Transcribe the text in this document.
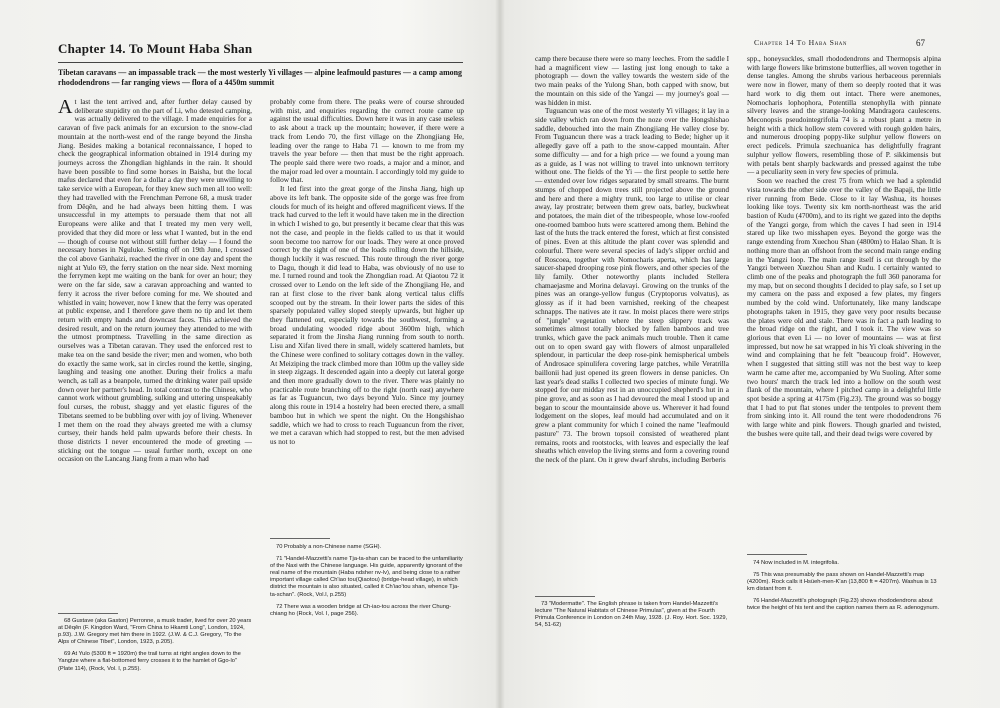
Chapter 14. To Mount Haba Shan
Tibetan caravans — an impassable track — the most westerly Yi villages — alpine leafmould pastures — a camp among rhododendrons — far ranging views — flora of a 4450m summit

At last the tent arrived and, after further delay caused by deliberate stupidity on the part of Li, who detested camping, was actually delivered to the village. I made enquiries for a caravan of five pack animals for an excursion to the snow-clad mountain at the north-west end of the range beyond the Jinsha Jiang. Besides making a botanical reconnaissance, I hoped to check the geographical information obtained in 1914 during my journeys across the Zhongdian highlands in the rain. It should have been possible to find some horses in Baisha, but the local mafus declared that even for a dollar a day they were unwilling to take service with a European, for they knew such men all too well: they had travelled with the Frenchman Perrone 68, a musk trader from Dêqên, and he had always been hitting them. I was unsuccessful in my attempts to persuade them that not all Europeans were alike and that I treated my men very well, provided that they did more or less what I wanted, but in the end — though of course not without still further delay — I found the necessary horses in Nguluke. Setting off on 19th June, I crossed the col above Ganhaizi, reached the river in one day and spent the night at Yulo 69, the ferry station on the near side. Next morning the ferrymen kept me waiting on the bank for over an hour; they were on the far side, saw a caravan approaching and wanted to ferry it across the river before coming for me. We shouted and whistled in vain; however, now I knew that the ferry was operated at public expense, and I therefore gave them no tip and let them return with empty hands and downcast faces. This achieved the desired result, and on the return journey they attended to me with the utmost promptness. Travelling in the same direction as ourselves was a Tibetan caravan. They used the enforced rest to make tea on the sand beside the river; men and women, who both do exactly the same work, sat in circles round the kettle, singing, laughing and teasing one another. During their frolics a mafu wench, as tall as a beanpole, turned the drinking water pail upside down over her partner's head. In total contrast to the Chinese, who cannot work without grumbling, sulking and uttering unspeakably foul curses, the robust, shaggy and yet elastic figures of the Tibetans seemed to be bubbling over with joy of living. Whenever I met them on the road they always greeted me with a clumsy curtsey, their hands held palm upwards before their chests. In those districts I never encountered the mode of greeting — sticking out the tongue — usual further north, except on one occasion on the Lancang Jiang from a man who had

probably come from there. The peaks were of course shrouded with mist, and enquiries regarding the correct route came up against the usual difficulties. Down here it was in any case useless to ask about a track up the mountain; however, if there were a track from Lendo 70, the first village on the Zhongjiang He, leading over the range to Haba 71 — known to me from my travels the year before — then that must be the right approach. The people said there were two roads, a major and a minor, and the major road led over a mountain. I accordingly told my guide to follow that.

It led first into the great gorge of the Jinsha Jiang, high up above its left bank. The opposite side of the gorge was free from clouds for much of its height and offered magnificent views. If the track had curved to the left it would have taken me in the direction in which I wished to go, but presently it became clear that this was not the case, and people in the fields called to us that it would soon become too narrow for our loads. They were at once proved correct by the sight of one of the loads rolling down the hillside, though luckily it was rescued. This route through the river gorge to Dagu, though it did lead to Haba, was obviously of no use to me. I turned round and took the Zhongdian road. At Qiaotou 72 it crossed over to Lendo on the left side of the Zhongjiang He, and ran at first close to the river bank along vertical talus cliffs scooped out by the stream. In their lower parts the sides of this sparsely populated valley sloped steeply upwards, but higher up they flattened out, especially towards the southwest, forming a broad undulating wooded ridge about 3600m high, which separated it from the Jinsha Jiang running from south to north. Lisu and Xifan lived there in small, widely scattered hamlets, but the Chinese were confined to solitary cottages down in the valley. At Meiziping the track climbed more than 100m up the valley side in steep zigzags. It descended again into a deeply cut lateral gorge and then more gradually down to the river. There was plainly no practicable route branching off to the right (north east) anywhere as far as Tuguancun, two days beyond Yulo. Since my journey along this route in 1914 a hostelry had been erected there, a small bamboo hut in which we spent the night. On the Hongshishao saddle, which we had to cross to reach Tuguancun from the river, we met a caravan which had stopped to rest, but the men advised us not to

68 Gustave (aka Gaston) Perronne, a musk trader, lived for over 20 years at Dêqên (F. Kingdon Ward, "From China to Hkamti Long", London, 1924, p.93). J.W. Gregory met him there in 1922. (J.W. & C.J. Gregory, "To the Alps of Chinese Tibet", London, 1923, p.205).

69 At Yulo (5300 ft = 1920m) the trail turns at right angles down to the Yangtze where a flat-bottomed ferry crosses it to the hamlet of Ggo-lo" (Plate 114), (Rock, Vol. I, p.255).

70 Probably a non-Chinese name (SGH).

71 "Handel-Mazzetti's name Tja-ta-shan can be traced to the unfamiliarity of the Naxi with the Chinese language. His guide, apparently ignorant of the real name of the mountain (Haba ndsher nv-lv), and being close to a rather important village called Ch'iao tou(Qiaotou) (bridge-head village), in which district the mountain is also situated, called it Ch'iao'tou shan, whence Tja-ta-schan". (Rock, Vol.I, p.255)

72 There was a wooden bridge at Ch-iao-tou across the river Chung-chiang ho (Rock, Vol. I, page 256).

Chapter 14 To Haba Shan	67

camp there because there were so many leeches. From the saddle I had a magnificent view — lasting just long enough to take a photograph — down the valley towards the western side of the two main peaks of the Yulong Shan, both capped with snow, but the mountain on this side of the Yangzi — my journey's goal — was hidden in mist.

Tuguancun was one of the most westerly Yi villages; it lay in a side valley which ran down from the noze over the Hongshishao saddle, debouched into the main Zhongjiang He valley close by. From Tuguancun there was a track leading to Bede; higher up it allegedly gave off a path to the snow-capped mountain. After some difficulty — and for a high price — we found a young man as a guide, as I was not willing to travel into unknown territory without one. The fields of the Yi — the first people to settle here — extended over low ridges separated by small streams. The burnt stumps of chopped down trees still projected above the ground and here and there a mighty trunk, too large to utilise or clear away, lay prostrate; between them grew oats, barley, buckwheat and potatoes, the main diet of the tribespeople, whose low-roofed one-roomed bamboo huts were scattered among them. Behind the last of the huts the track entered the forest, which at first consisted of pines. Even at this altitude the plant cover was splendid and colourful. There were several species of lady's slipper orchid and of Roscoea, together with Nomocharis aperta, which has large saucer-shaped drooping rose pink flowers, and other species of the lily family. Other noteworthy plants included Stellera chamaejasme and Morina delavayi. Growing on the trunks of the pines was an orange-yellow fungus (Cryptoporus volvatus), as glossy as if it had been varnished, reeking of the cheapest schnapps. The natives ate it raw. In moist places there were strips of "jungle" vegetation where the steep slippery track was sometimes almost totally blocked by fallen bamboos and tree trunks, which gave the pack animals much trouble. Then it came out on to open sward gay with flowers of almost unparalleled splendour, in particular the deep rose-pink hemispherical umbels of Androsace spinulifera covering large patches, while Veratrilla baillonii had just opened its green flowers in dense panicles. On last year's dead stalks I collected two species of minute fungi. We stopped for our midday rest in an unoccupied shepherd's hut in a pine grove, and as soon as I had devoured the meal I stood up and began to scour the mountainside above us. Wherever it had found lodgement on the slopes, leaf mould had accumulated and on it grew a plant community for which I coined the name "leafmould pasture" 73. The brown topsoil consisted of weathered plant remains, roots and rootstocks, with leaves and especially the leaf sheaths which envelop the living stems and form a covering round the neck of the plant. On it grew dwarf shrubs, including Berberis

spp., honeysuckles, small rhododendrons and Thermopsis alpina with large flowers like brimstone butterflies, all woven together in dense tangles. Among the shrubs various herbaceous perennials were now in flower, many of them so deeply rooted that it was hard work to dig them out intact. There were anemones, Nomocharis lophophora, Potentilla stenophylla with pinnate silvery leaves and the strange-looking Mandragora caulescens. Meconopsis pseudointegrifolia 74 is a robust plant a metre in height with a thick hollow stem covered with rough golden hairs, and numerous drooping poppy-like sulphur yellow flowers on erect pedicels. Primula szechuanica has delightfully fragrant sulphur yellow flowers, resembling those of P. sikkimensis but with petals bent sharply backwards and pressed against the tube — a peculiarity seen in very few species of primula.

Soon we reached the crest 75 from which we had a splendid vista towards the other side over the valley of the Bapaji, the little river running from Bede. Close to it lay Washua, its houses looking like toys. Twenty six km north-northeast was the arid bastion of Kudu (4700m), and to its right we gazed into the depths of the Yangzi gorge, from which the caves I had seen in 1914 stared up like two misshapen eyes. Beyond the gorge was the range extending from Xuechou Shan (4800m) to Halao Shan. It is nothing more than an offshoot from the second main range ending in the Yangzi loop. The main range itself is cut through by the Yangzi between Xuezhou Shan and Kudu. I certainly wanted to climb one of the peaks and photograph the full 360 panorama for my map, but on second thoughts I decided to play safe, so I set up my camera on the pass and exposed a few plates, my fingers numbed by the cold wind. Unfortunately, like many landscape photographs taken in 1915, they gave very poor results because the plates were old and stale. There was in fact a path leading to the broad ridge on the right, and I took it. The view was so glorious that even Li — no lover of mountains — was at first impressed, but now he sat wrapped in his Yi cloak shivering in the wind and complaining that he felt "beaucoup froid". However, when I suggested that sitting still was not the best way to keep warm he came after me, accompanied by Wu Suoling. After some two hours' march the track led into a hollow on the south west flank of the mountain, where I pitched camp in a delightful little spot beside a spring at 4175m (Fig.23). The ground was so boggy that I had to put flat stones under the tentpoles to prevent them from sinking into it. All round the tent were rhododendrons 76 with large white and pink flowers. Though gnarled and twisted, the bushes were quite tall, and their dead twigs were covered by

73 "Modermatte". The English phrase is taken from Handel-Mazzetti's lecture "The Natural Habitats of Chinese Primulas", given at the Fourth Primula Conference in London on 24th May, 1928. (J. Roy. Hort. Soc. 1929, 54, 51-62)

74 Now included in M. integrifolia.

75 This was presumably the pass shown on Handel-Mazzetti's map (4200m). Rock calls it Hsüeh-men-K'an (13,800 ft = 4207m). Washua is 13 km distant from it.

76 Handel-Mazzetti's photograph (Fig.23) shows rhododendrons about twice the height of his tent and the caption names them as R. adenogynum.
